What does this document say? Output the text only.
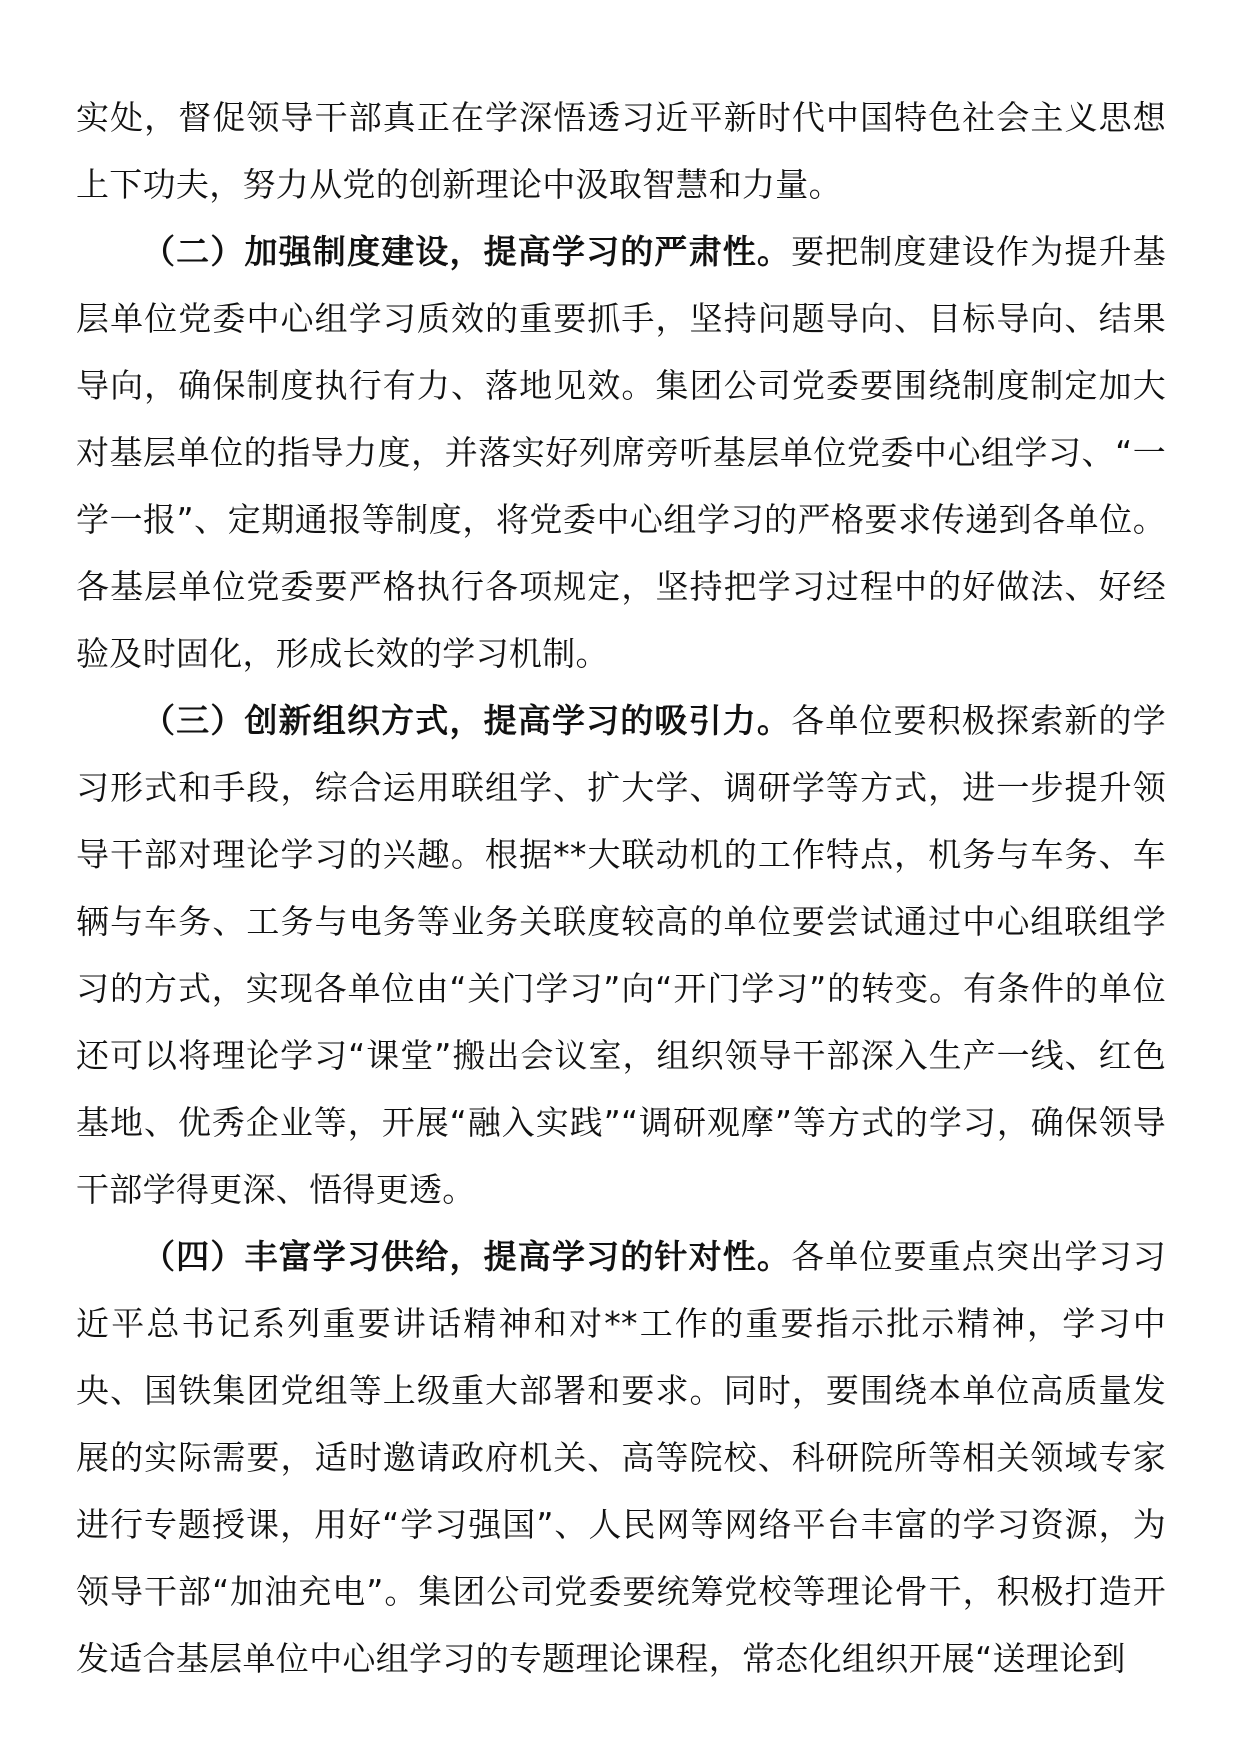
实处，督促领导干部真正在学深悟透习近平新时代中国特色社会主义思想上下功夫，努力从党的创新理论中汲取智慧和力量。

（二）加强制度建设，提高学习的严肃性。要把制度建设作为提升基层单位党委中心组学习质效的重要抓手，坚持问题导向、目标导向、结果导向，确保制度执行有力、落地见效。集团公司党委要围绕制度制定加大对基层单位的指导力度，并落实好列席旁听基层单位党委中心组学习、“一学一报”、定期通报等制度，将党委中心组学习的严格要求传递到各单位。各基层单位党委要严格执行各项规定，坚持把学习过程中的好做法、好经验及时固化，形成长效的学习机制。

（三）创新组织方式，提高学习的吸引力。各单位要积极探索新的学习形式和手段，综合运用联组学、扩大学、调研学等方式，进一步提升领导干部对理论学习的兴趣。根据**大联动机的工作特点，机务与车务、车辆与车务、工务与电务等业务关联度较高的单位要尝试通过中心组联组学习的方式，实现各单位由“关门学习”向“开门学习”的转变。有条件的单位还可以将理论学习“课堂”搬出会议室，组织领导干部深入生产一线、红色基地、优秀企业等，开展“融入实践”“调研观摩”等方式的学习，确保领导干部学得更深、悟得更透。

（四）丰富学习供给，提高学习的针对性。各单位要重点突出学习习近平总书记系列重要讲话精神和对**工作的重要指示批示精神，学习中央、国铁集团党组等上级重大部署和要求。同时，要围绕本单位高质量发展的实际需要，适时邀请政府机关、高等院校、科研院所等相关领域专家进行专题授课，用好“学习强国”、人民网等网络平台丰富的学习资源，为领导干部“加油充电”。集团公司党委要统筹党校等理论骨干，积极打造开发适合基层单位中心组学习的专题理论课程，常态化组织开展“送理论到
